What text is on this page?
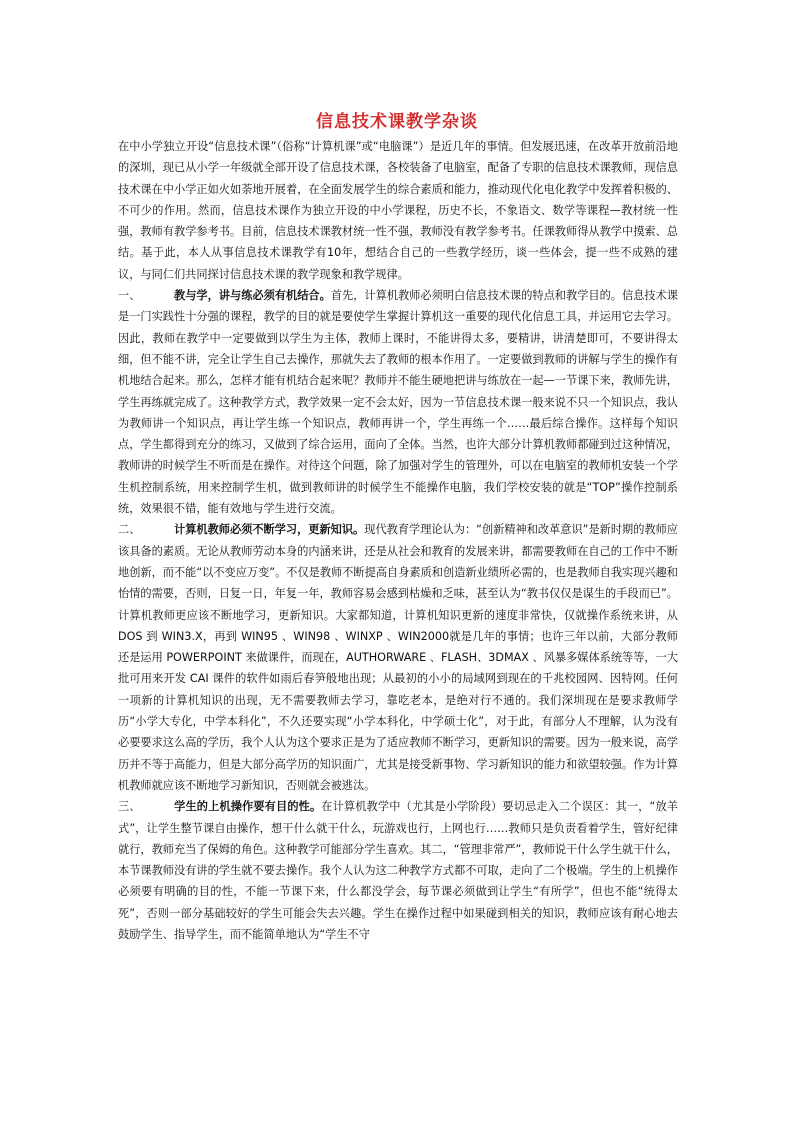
信息技术课教学杂谈

在中小学独立开设“信息技术课”（俗称“计算机课”或“电脑课”）是近几年的事情。但发展迅速，在改革开放前沿地的深圳，现已从小学一年级就全部开设了信息技术课，各校装备了电脑室，配备了专职的信息技术课教师，现信息技术课在中小学正如火如荼地开展着，在全面发展学生的综合素质和能力，推动现代化电化教学中发挥着积极的、不可少的作用。然而，信息技术课作为独立开设的中小学课程，历史不长，不象语文、数学等课程—教材统一性强，教师有教学参考书。目前，信息技术课教材统一性不强，教师没有教学参考书。任课教师得从教学中摸索、总结。基于此，本人从事信息技术课教学有10年，想结合自己的一些教学经历，谈一些体会，提一些不成熟的建议，与同仁们共同探讨信息技术课的教学现象和教学规律。

一、	教与学，讲与练必须有机结合。首先，计算机教师必须明白信息技术课的特点和教学目的。信息技术课是一门实践性十分强的课程，教学的目的就是要使学生掌握计算机这一重要的现代化信息工具，并运用它去学习。因此，教师在教学中一定要做到以学生为主体，教师上课时，不能讲得太多，要精讲，讲清楚即可，不要讲得太细，但不能不讲，完全让学生自己去操作，那就失去了教师的根本作用了。一定要做到教师的讲解与学生的操作有机地结合起来。那么，怎样才能有机结合起来呢？教师并不能生硬地把讲与练放在一起—一节课下来，教师先讲，学生再练就完成了。这种教学方式，教学效果一定不会太好，因为一节信息技术课一般来说不只一个知识点，我认为教师讲一个知识点，再让学生练一个知识点，教师再讲一个，学生再练一个……最后综合操作。这样每个知识点，学生都得到充分的练习，又做到了综合运用，面向了全体。当然，也许大部分计算机教师都碰到过这种情况，教师讲的时候学生不听而是在操作。对待这个问题，除了加强对学生的管理外，可以在电脑室的教师机安装一个学生机控制系统，用来控制学生机，做到教师讲的时候学生不能操作电脑，我们学校安装的就是“TOP”操作控制系统，效果很不错，能有效地与学生进行交流。

二、	计算机教师必须不断学习，更新知识。现代教育学理论认为：“创新精神和改革意识”是新时期的教师应该具备的素质。无论从教师劳动本身的内涵来讲，还是从社会和教育的发展来讲，都需要教师在自己的工作中不断地创新，而不能“以不变应万变”。不仅是教师不断提高自身素质和创造新业绩所必需的，也是教师自我实现兴趣和怡情的需要，否则，日复一日，年复一年，教师容易会感到枯燥和乏味，甚至认为“教书仅仅是谋生的手段而已”。计算机教师更应该不断地学习，更新知识。大家都知道，计算机知识更新的速度非常快，仅就操作系统来讲，从 DOS 到 WIN3.X，再到 WIN95 、WIN98 、WINXP 、WIN2000就是几年的事情；也许三年以前，大部分教师还是运用 POWERPOINT 来做课件，而现在，AUTHORWARE 、FLASH、3DMAX 、风暴多媒体系统等等，一大批可用来开发 CAI 课件的软件如雨后春笋般地出现；从最初的小小的局域网到现在的千兆校园网、因特网。任何一项新的计算机知识的出现，无不需要教师去学习，靠吃老本，是绝对行不通的。我们深圳现在是要求教师学历“小学大专化，中学本科化”，不久还要实现“小学本科化，中学硕士化”，对于此，有部分人不理解，认为没有必要要求这么高的学历，我个人认为这个要求正是为了适应教师不断学习，更新知识的需要。因为一般来说，高学历并不等于高能力，但是大部分高学历的知识面广，尤其是接受新事物、学习新知识的能力和欲望较强。作为计算机教师就应该不断地学习新知识，否则就会被逃汰。

三、	学生的上机操作要有目的性。在计算机教学中（尤其是小学阶段）要切忌走入二个误区：其一，“放羊式”，让学生整节课自由操作，想干什么就干什么，玩游戏也行，上网也行……教师只是负责看着学生，管好纪律就行，教师充当了保姆的角色。这种教学可能部分学生喜欢。其二，“管理非常严”，教师说干什么学生就干什么，本节课教师没有讲的学生就不要去操作。我个人认为这二种教学方式都不可取，走向了二个极端。学生的上机操作必须要有明确的目的性，不能一节课下来，什么都没学会，每节课必须做到让学生“有所学”，但也不能“统得太死”，否则一部分基础较好的学生可能会失去兴趣。学生在操作过程中如果碰到相关的知识，教师应该有耐心地去鼓励学生、指导学生，而不能简单地认为“学生不守
